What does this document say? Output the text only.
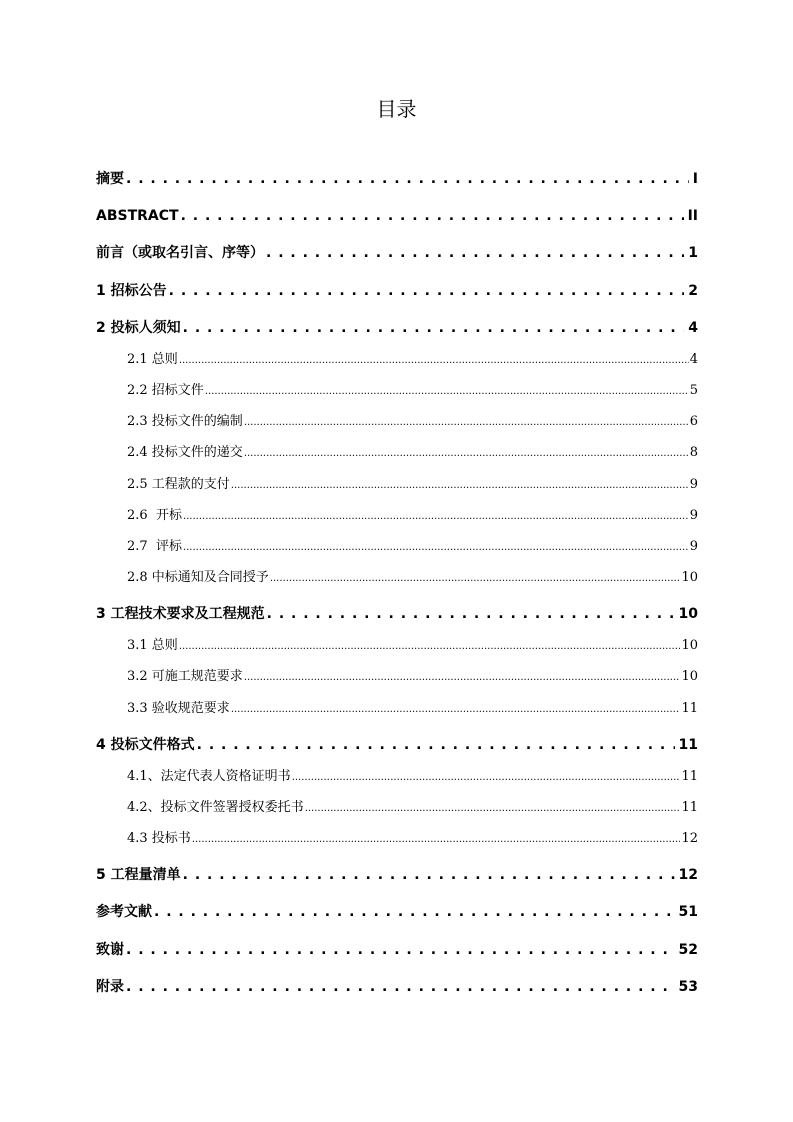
目录
摘要 . . .	I
ABSTRACT . . .	II
前言（或取名引言、序等） . . .	1
1 招标公告 . . .	2
2 投标人须知 . . .	4
2.1 总则 .....	4
2.2 招标文件 .....	5
2.3 投标文件的编制 .....	6
2.4 投标文件的递交 .....	8
2.5 工程款的支付 .....	9
2.6  开标 .....	9
2.7  评标 .....	9
2.8 中标通知及合同授予 .....	10
3 工程技术要求及工程规范 . . .	10
3.1 总则 .....	10
3.2 可施工规范要求 .....	10
3.3 验收规范要求 .....	11
4 投标文件格式 . . .	11
4.1、法定代表人资格证明书 .....	11
4.2、投标文件签署授权委托书 .....	11
4.3 投标书 .....	12
5 工程量清单 . . .	12
参考文献 . . .	51
致谢 . . .	52
附录 . . .	53
